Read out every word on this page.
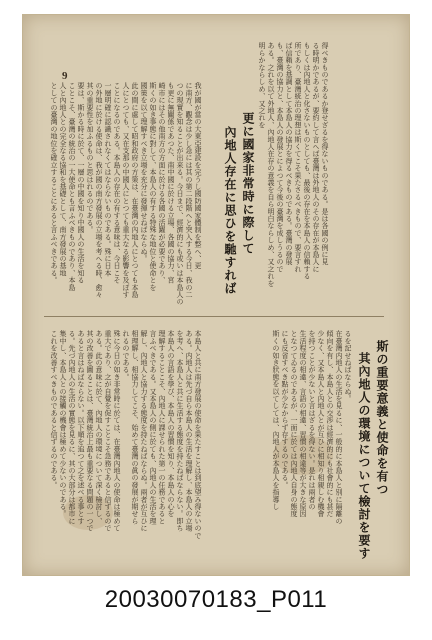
9	得べきものであるか登せざるを得ないものである。是は各國の例に見
る時明かであるが、要約して言へば臺灣は外地人のその存在が本島人に
もしくは內地人と化さないものとしても、最後の存在を本島人の信賴する
所であり、臺灣統治の理想は斯くてこそ果たさるべきもので、要言すれ
ば信賴を基調として本島人の協力を得るべきものである。臺灣の發展
も、臺灣の協力と、本島人の發展とによつて今後の臺灣を成しうるので
ある。之れを以て外地人、內地人在存の意義を自ら明白ならしめ、又之れを
明らかならしめ、又之れを
更に國家非常時に際して
內地人存在に思ひを馳すれば
我が國が當の大東亞建設を完うし國防國家體制を整へ、更
に南方、觀念は少し急には其の第二段階へと突入する今日、我の二
つの現實を知ることが出来る。今日まで、經濟的にも或いは本島人の
も更に無關係であつた、南中國に於ける立場、各國の協力、宮
崎市にはその他南方の方面に於ける各國の活躍が必要であり、
斯くの如き事態に對して、本島人の有する特殊な地位と使命とを
國策を以て理解すべき立場を充分に發揮せねばならぬ。
此の間に處して昭和政府の方策は、在臺灣の內地人にとつても本島
人にとつても、又在支那の中國人にとつても重大なる影響を及ぼす
ことになるのである。本島人の存在の有する意味は、今日こそ
一層明確に認識されなくてはならないものである。殊に日本
の外地に於ける使命は、我が國の南方發展の立場を考へる時、愈々
其の重要性を加ふるものと思はれるのである。
要は、斯かる時に於て、一層の中國を知り中國人の生活を知る
ことこそ、臺灣の統治の一大使命とも言ふべきものであり、本島
人と內地人との完全なる協和を基礎として、南方發展の基地
としての臺灣の地位を確立することにあると言ふべきである。
るを記せねばならぬ。
在臺灣内地人の生活を見るに、一般的に本島人と別に隔離の
傾向を有し、本島人との交渉は經濟的にも社會的にも甚だ
少なく、又本島人と內地人とが互ひに相知り相親しむ機會
を持つことが少ないと言はざるを得ない。是れは兩者の
生活程度の相違、言語の相違、習慣の相違等が大きな原因
となつてゐるのであるが、一面に於ては內地人自身の態度
にも反省すべき點が少なからず存するのである。
斯くの如き狀態を以てしては、內地人が本島人を指導し	斯の重要意義と使命を有つ
其內地人の環境について檢討を要す
本島人と共に南方發展の使命を果たすことは到底望み得ないので
ある。内地人は先づ自ら本島人の生活を理解し、本島人の立場
を考へ、本島人と共に生活する態度を持たねばならない。即ち
本島人の言語を學び、本島人の習慣を知り、本島人の心を
理解することこそ、內地人に課せられた第一の任務であると
言ふべきである。又本島人の側に於ても、內地人の生活を理
解し、內地人と協力する態度を持たねばならぬ。兩者が互ひに
相理解し、相協力してこそ、始めて臺灣の眞の發展が期せら
れるのである。
殊に今日の如き非常時に於ては、在臺灣內地人の使命は極めて
重大であり、之が自覺を促すことこそ急務であると信ずるので
ある。此の意味に於て、內地人の環境について深く檢討し、
其の改善を圖ることは、臺灣統治上最も重要なる問題の一つで
あると言はねばならない。以下順を追つて之を述べる事とす
る。先づ內地人の生活の實態を見るに、其の大部分は都市に
集中し、本島人との接觸の機會は極めて少ないのである。
これを改善すべきものであると信ずるのである。
20030070183_P011
